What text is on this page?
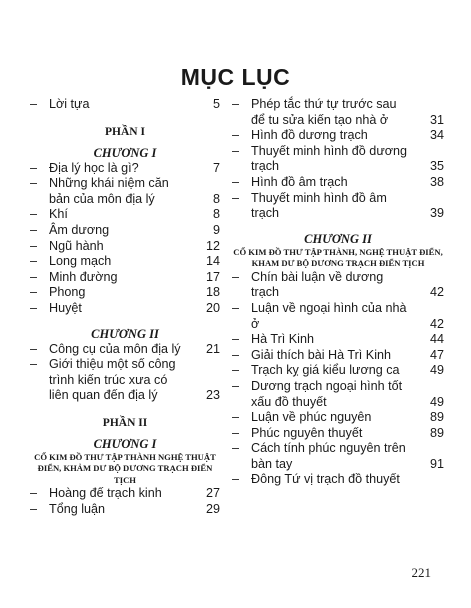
MỤC LỤC
– Lời tựa	5
PHẦN I
CHƯƠNG I
– Địa lý học là gì?	7
– Những khái niệm căn bản của môn địa lý	8
– Khí	8
– Âm dương	9
– Ngũ hành	12
– Long mạch	14
– Minh đường	17
– Phong	18
– Huyệt	20
CHƯƠNG II
– Công cụ của môn địa lý 21
– Giới thiệu một số công trình kiến trúc xưa có liên quan đến địa lý	23
PHẦN II
CHƯƠNG I
CỔ KIM ĐỒ THƯ TẬP THÀNH NGHỆ THUẬT ĐIỂN, KHẢM DƯ BỘ DƯƠNG TRẠCH ĐIỂN TỊCH
– Hoàng đế trạch kinh	27
– Tổng luận	29
– Phép tắc thứ tự trước sau để tu sửa kiến tạo nhà ở	31
– Hình đồ dương trạch	34
– Thuyết minh hình đồ dương trạch	35
– Hình đồ âm trạch	38
– Thuyết minh hình đồ âm trạch	39
CHƯƠNG II
CỔ KIM ĐỒ THƯ TẬP THÀNH, NGHỆ THUẬT ĐIỂN, KHAM DƯ BỘ DƯƠNG TRẠCH ĐIỂN TỊCH
– Chín bài luận về dương trạch	42
– Luận về ngoại hình của nhà ở	42
– Hà Trì Kinh	44
– Giải thích bài Hà Trì Kinh	47
– Trạch kỵ giá kiểu lương ca 49
– Dương trạch ngoại hình tốt xấu đồ thuyết	49
– Luận về phúc nguyên	89
– Phúc nguyên thuyết	89
– Cách tính phúc nguyên trên bàn tay	91
– Đông Tứ vị trạch đồ thuyết
221
